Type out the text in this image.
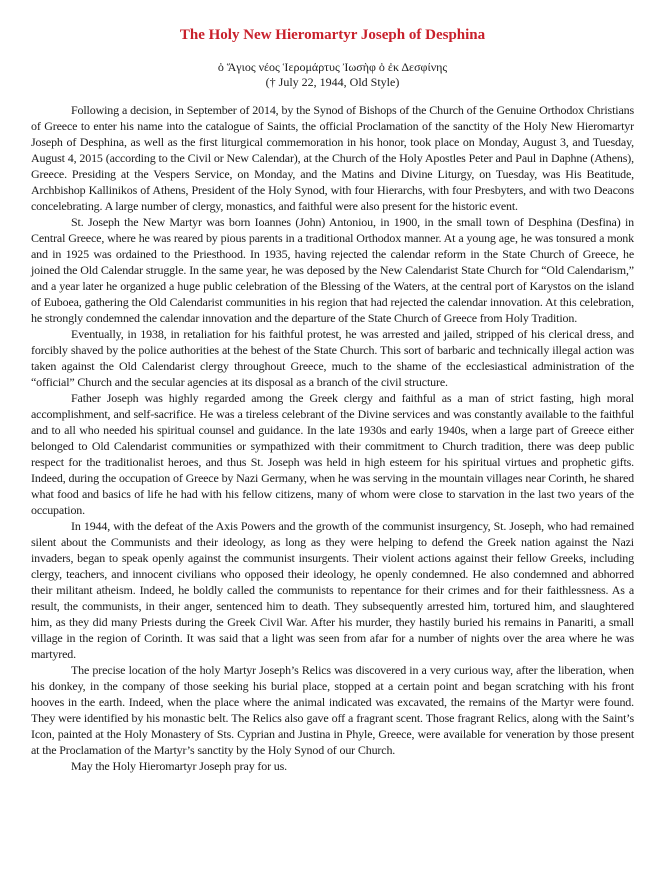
The Holy New Hieromartyr Joseph of Desphina

ὁ Ἅγιος νέος Ἱερομάρτυς Ἰωσὴφ ὁ ἐκ Δεσφίνης

(† July 22, 1944, Old Style)

Following a decision, in September of 2014, by the Synod of Bishops of the Church of the Genuine Orthodox Christians of Greece to enter his name into the catalogue of Saints, the official Proclamation of the sanctity of the Holy New Hieromartyr Joseph of Desphina, as well as the first liturgical commemoration in his honor, took place on Monday, August 3, and Tuesday, August 4, 2015 (according to the Civil or New Calendar), at the Church of the Holy Apostles Peter and Paul in Daphne (Athens), Greece. Presiding at the Vespers Service, on Monday, and the Matins and Divine Liturgy, on Tuesday, was His Beatitude, Archbishop Kallinikos of Athens, President of the Holy Synod, with four Hierarchs, with four Presbyters, and with two Deacons concelebrating. A large number of clergy, monastics, and faithful were also present for the historic event.

St. Joseph the New Martyr was born Ioannes (John) Antoniou, in 1900, in the small town of Desphina (Desfina) in Central Greece, where he was reared by pious parents in a traditional Orthodox manner. At a young age, he was tonsured a monk and in 1925 was ordained to the Priesthood. In 1935, having rejected the calendar reform in the State Church of Greece, he joined the Old Calendar struggle. In the same year, he was deposed by the New Calendarist State Church for “Old Calendarism,” and a year later he organized a huge public celebration of the Blessing of the Waters, at the central port of Karystos on the island of Euboea, gathering the Old Calendarist communities in his region that had rejected the calendar innovation. At this celebration, he strongly condemned the calendar innovation and the departure of the State Church of Greece from Holy Tradition.

Eventually, in 1938, in retaliation for his faithful protest, he was arrested and jailed, stripped of his clerical dress, and forcibly shaved by the police authorities at the behest of the State Church. This sort of barbaric and technically illegal action was taken against the Old Calendarist clergy throughout Greece, much to the shame of the ecclesiastical administration of the “official” Church and the secular agencies at its disposal as a branch of the civil structure.

Father Joseph was highly regarded among the Greek clergy and faithful as a man of strict fasting, high moral accomplishment, and self-sacrifice. He was a tireless celebrant of the Divine services and was constantly available to the faithful and to all who needed his spiritual counsel and guidance. In the late 1930s and early 1940s, when a large part of Greece either belonged to Old Calendarist communities or sympathized with their commitment to Church tradition, there was deep public respect for the traditionalist heroes, and thus St. Joseph was held in high esteem for his spiritual virtues and prophetic gifts. Indeed, during the occupation of Greece by Nazi Germany, when he was serving in the mountain villages near Corinth, he shared what food and basics of life he had with his fellow citizens, many of whom were close to starvation in the last two years of the occupation.

In 1944, with the defeat of the Axis Powers and the growth of the communist insurgency, St. Joseph, who had remained silent about the Communists and their ideology, as long as they were helping to defend the Greek nation against the Nazi invaders, began to speak openly against the communist insurgents. Their violent actions against their fellow Greeks, including clergy, teachers, and innocent civilians who opposed their ideology, he openly condemned. He also condemned and abhorred their militant atheism. Indeed, he boldly called the communists to repentance for their crimes and for their faithlessness. As a result, the communists, in their anger, sentenced him to death. They subsequently arrested him, tortured him, and slaughtered him, as they did many Priests during the Greek Civil War. After his murder, they hastily buried his remains in Panariti, a small village in the region of Corinth. It was said that a light was seen from afar for a number of nights over the area where he was martyred.

The precise location of the holy Martyr Joseph’s Relics was discovered in a very curious way, after the liberation, when his donkey, in the company of those seeking his burial place, stopped at a certain point and began scratching with his front hooves in the earth. Indeed, when the place where the animal indicated was excavated, the remains of the Martyr were found. They were identified by his monastic belt. The Relics also gave off a fragrant scent. Those fragrant Relics, along with the Saint’s Icon, painted at the Holy Monastery of Sts. Cyprian and Justina in Phyle, Greece, were available for veneration by those present at the Proclamation of the Martyr’s sanctity by the Holy Synod of our Church.

May the Holy Hieromartyr Joseph pray for us.
